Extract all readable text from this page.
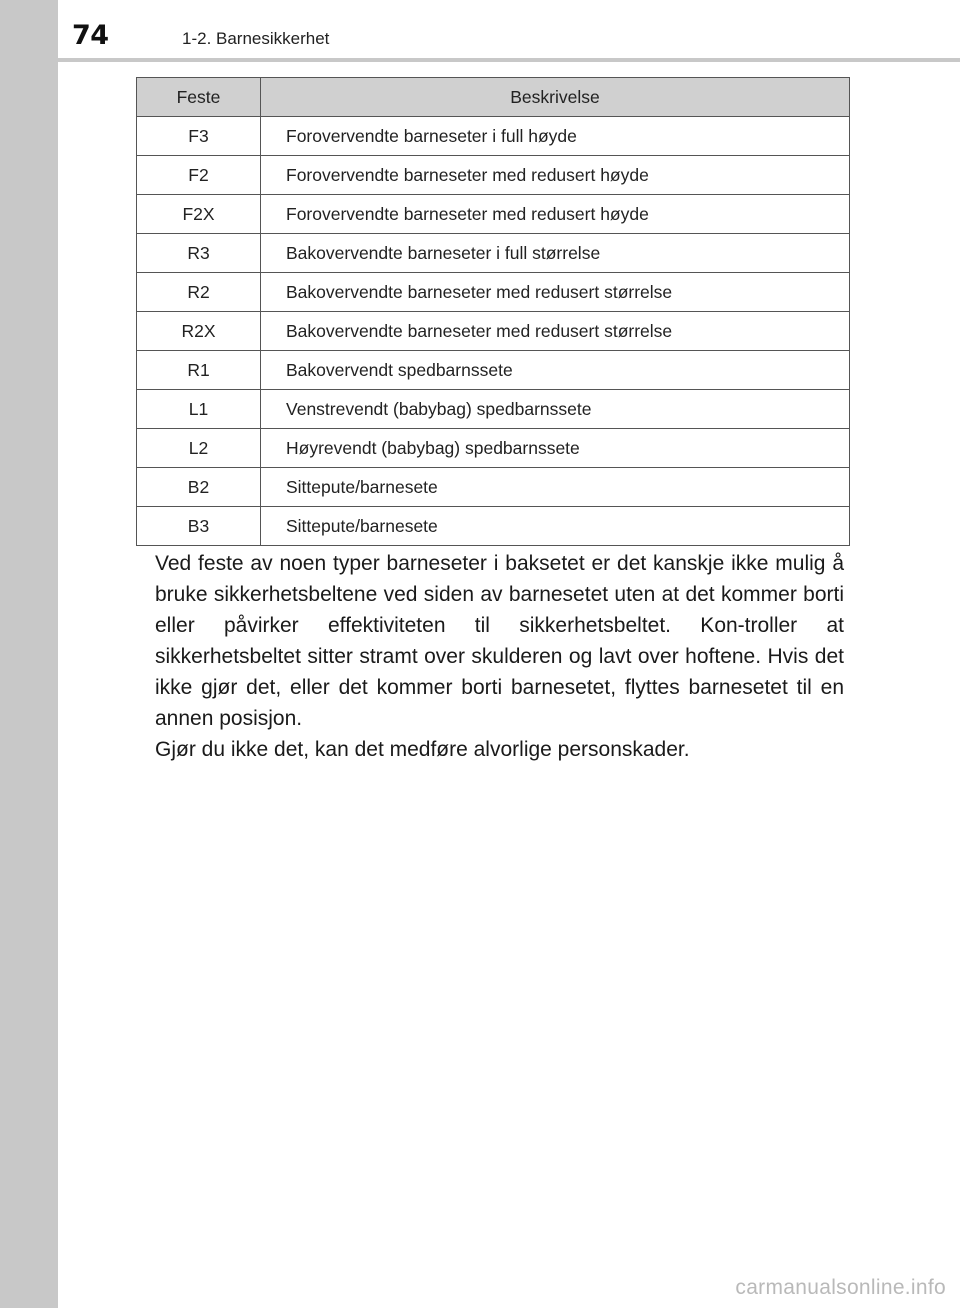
74	1-2. Barnesikkerhet
Feste	Beskrivelse
F3	Forovervendte barneseter i full høyde
F2	Forovervendte barneseter med redusert høyde
F2X	Forovervendte barneseter med redusert høyde
R3	Bakovervendte barneseter i full størrelse
R2	Bakovervendte barneseter med redusert størrelse
R2X	Bakovervendte barneseter med redusert størrelse
R1	Bakovervendt spedbarnssete
L1	Venstrevendt (babybag) spedbarnssete
L2	Høyrevendt (babybag) spedbarnssete
B2	Sittepute/barnesete
B3	Sittepute/barnesete

Ved feste av noen typer barneseter i baksetet er det kanskje ikke mulig å bruke sikkerhetsbeltene ved siden av barnesetet uten at det kommer borti eller påvirker effektiviteten til sikkerhetsbeltet. Kon-troller at sikkerhetsbeltet sitter stramt over skulderen og lavt over hoftene. Hvis det ikke gjør det, eller det kommer borti barnesetet, flyttes barnesetet til en annen posisjon.

Gjør du ikke det, kan det medføre alvorlige personskader.

carmanualsonline.info
